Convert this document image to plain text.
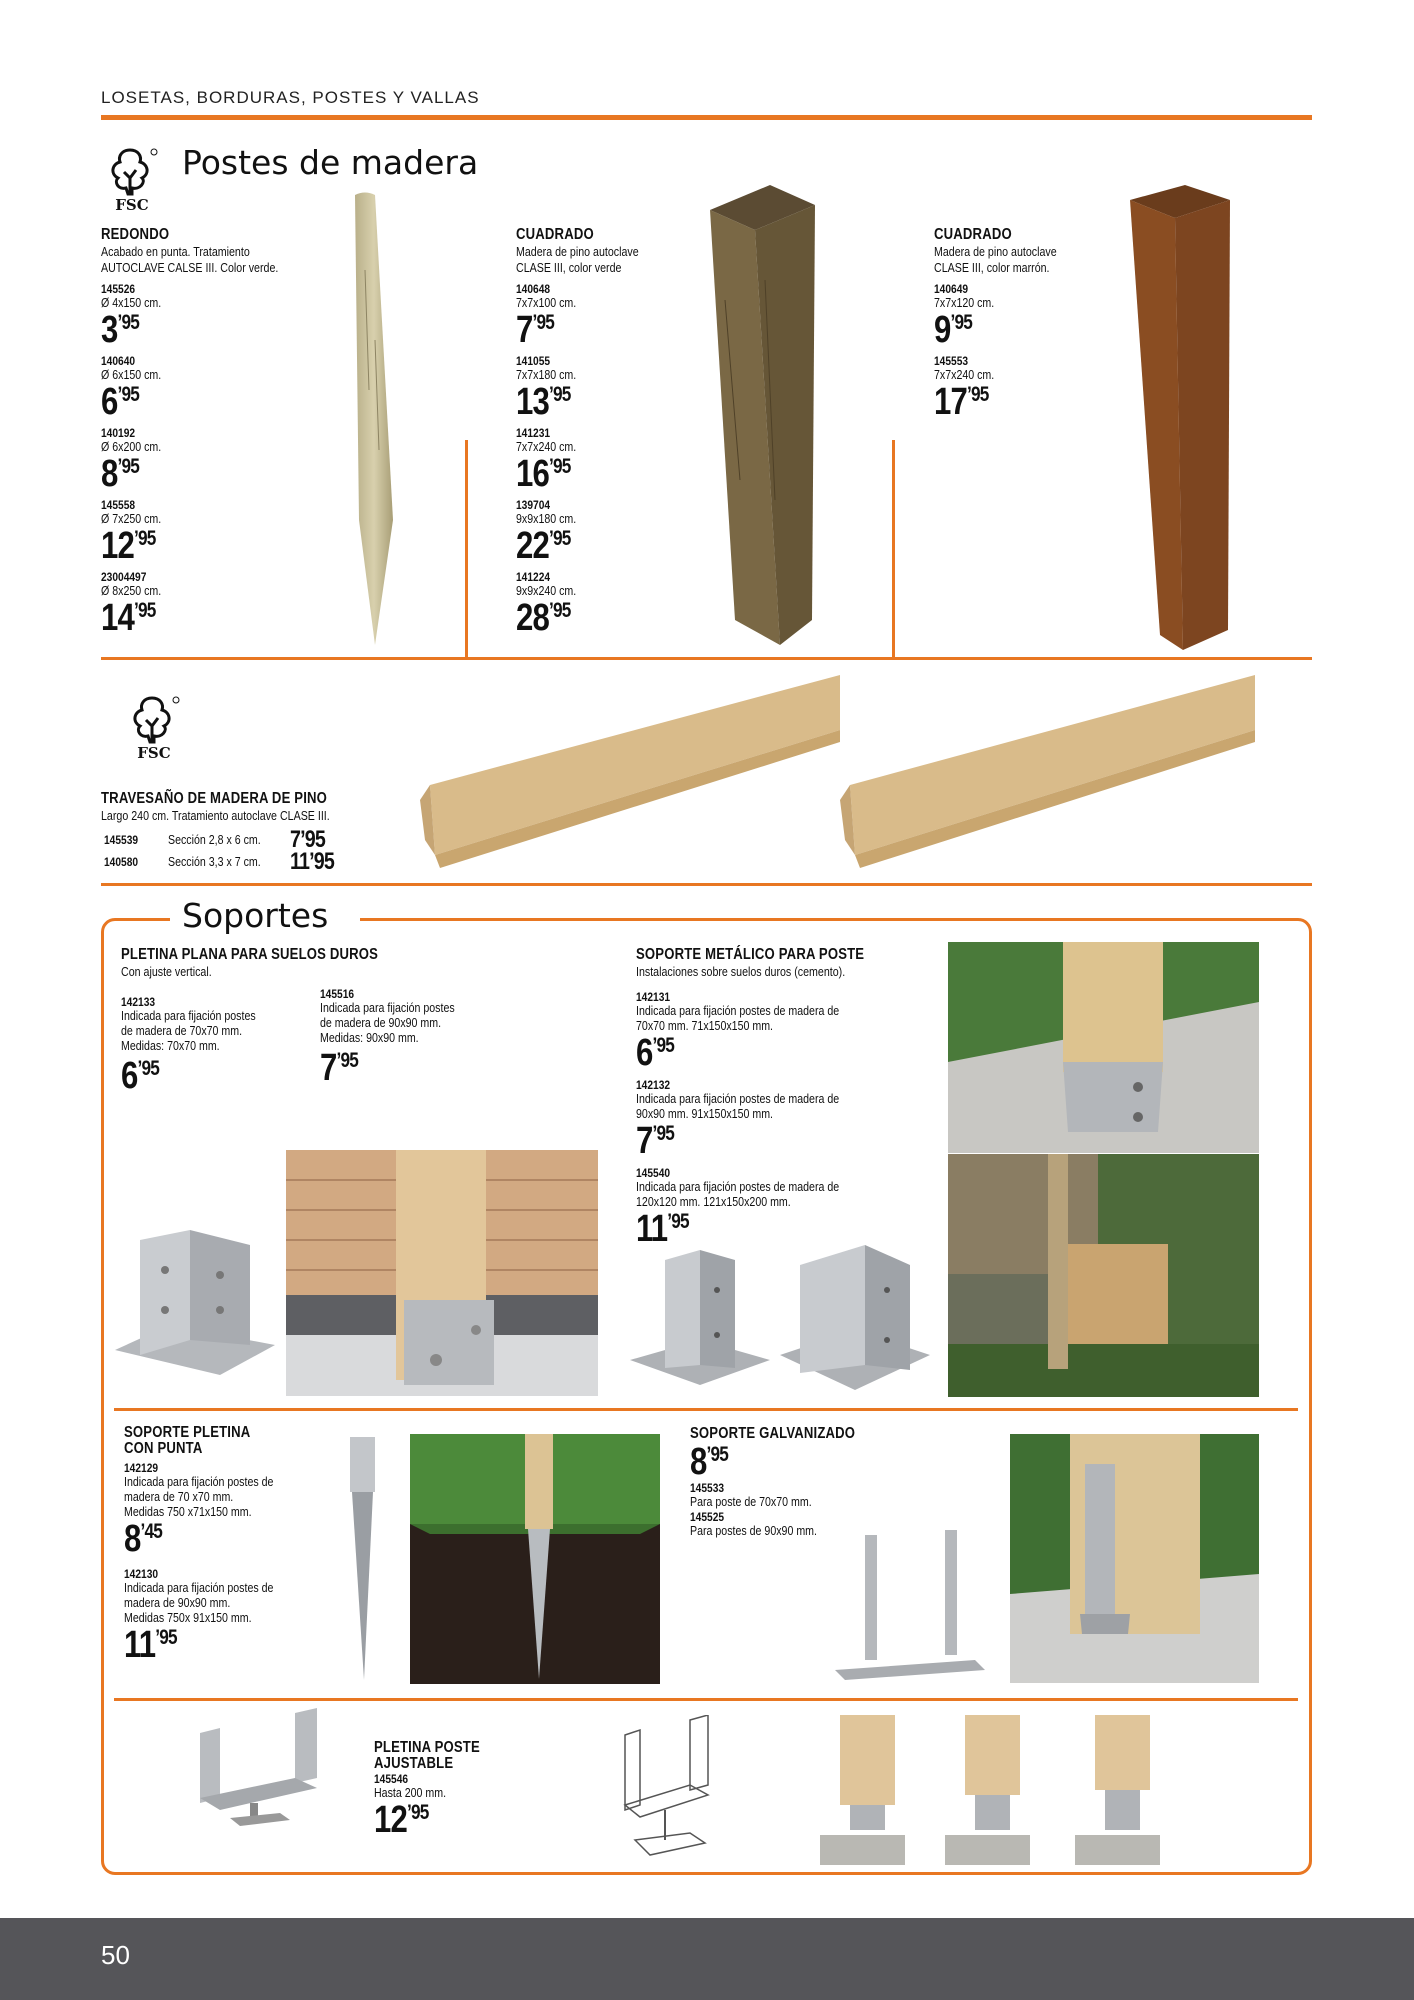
LOSETAS, BORDURAS, POSTES Y VALLAS
FSC
Postes de madera
REDONDO
Acabado en punta. Tratamiento
AUTOCLAVE CALSE III. Color verde.
145526
Ø 4x150 cm.
3’95
140640
Ø 6x150 cm.
6’95
140192
Ø 6x200 cm.
8’95
145558
Ø 7x250 cm.
12’95
23004497
Ø 8x250 cm.
14’95
CUADRADO
Madera de pino autoclave
CLASE III, color verde
140648
7x7x100 cm.
7’95
141055
7x7x180 cm.
13’95
141231
7x7x240 cm.
16’95
139704
9x9x180 cm.
22’95
141224
9x9x240 cm.
28’95
CUADRADO
Madera de pino autoclave
CLASE III, color marrón.
140649
7x7x120 cm.
9’95
145553
7x7x240 cm.
17’95
FSC
TRAVESAÑO DE MADERA DE PINO
Largo 240 cm. Tratamiento autoclave CLASE III.
145539 Sección 2,8 x 6 cm. 7’95
140580 Sección 3,3 x 7 cm. 11’95
Soportes
PLETINA PLANA PARA SUELOS DUROS
Con ajuste vertical.
142133
Indicada para fijación postes
de madera de 70x70 mm.
Medidas: 70x70 mm.
6’95
145516
Indicada para fijación postes
de madera de 90x90 mm.
Medidas: 90x90 mm.
7’95
SOPORTE METÁLICO PARA POSTE
Instalaciones sobre suelos duros (cemento).
142131
Indicada para fijación postes de madera de
70x70 mm. 71x150x150 mm.
6’95
142132
Indicada para fijación postes de madera de
90x90 mm. 91x150x150 mm.
7’95
145540
Indicada para fijación postes de madera de
120x120 mm. 121x150x200 mm.
11’95
SOPORTE PLETINA
CON PUNTA
142129
Indicada para fijación postes de
madera de 70 x70 mm.
Medidas 750 x71x150 mm.
8’45
142130
Indicada para fijación postes de
madera de 90x90 mm.
Medidas 750x 91x150 mm.
11’95
SOPORTE GALVANIZADO
8’95
145533
Para poste de 70x70 mm.
145525
Para postes de 90x90 mm.
PLETINA POSTE
AJUSTABLE
145546
Hasta 200 mm.
12’95
50
